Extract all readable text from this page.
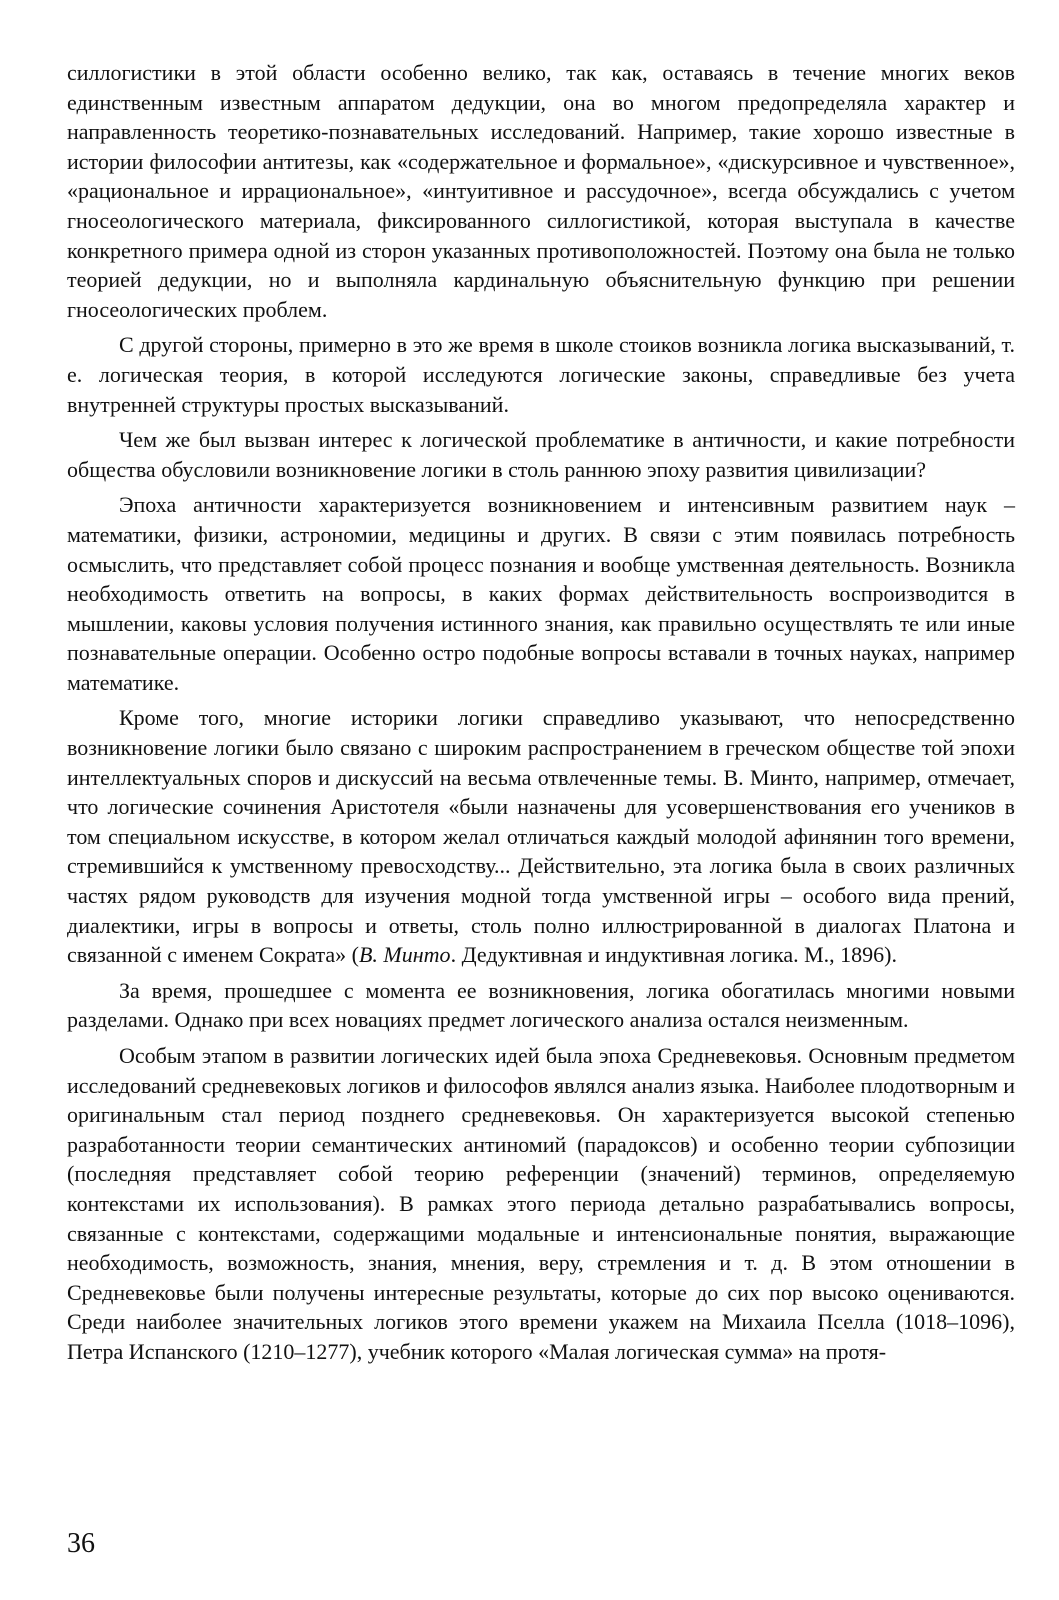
силлогистики в этой области особенно велико, так как, оставаясь в течение многих веков единственным известным аппаратом дедукции, она во многом предопределяла характер и направленность теоретико-познавательных исследований. Например, такие хорошо известные в истории философии антитезы, как «содержательное и формальное», «дискурсивное и чувственное», «рациональное и иррациональное», «интуитивное и рассудочное», всегда обсуждались с учетом гносеологического материала, фиксированного силлогистикой, которая выступала в качестве конкретного примера одной из сторон указанных противоположностей. Поэтому она была не только теорией дедукции, но и выполняла кардинальную объяснительную функцию при решении гносеологических проблем.

С другой стороны, примерно в это же время в школе стоиков возникла логика высказываний, т. е. логическая теория, в которой исследуются логические законы, справедливые без учета внутренней структуры простых высказываний.

Чем же был вызван интерес к логической проблематике в античности, и какие потребности общества обусловили возникновение логики в столь раннюю эпоху развития цивилизации?

Эпоха античности характеризуется возникновением и интенсивным развитием наук – математики, физики, астрономии, медицины и других. В связи с этим появилась потребность осмыслить, что представляет собой процесс познания и вообще умственная деятельность. Возникла необходимость ответить на вопросы, в каких формах действительность воспроизводится в мышлении, каковы условия получения истинного знания, как правильно осуществлять те или иные познавательные операции. Особенно остро подобные вопросы вставали в точных науках, например математике.

Кроме того, многие историки логики справедливо указывают, что непосредственно возникновение логики было связано с широким распространением в греческом обществе той эпохи интеллектуальных споров и дискуссий на весьма отвлеченные темы. В. Минто, например, отмечает, что логические сочинения Аристотеля «были назначены для усовершенствования его учеников в том специальном искусстве, в котором желал отличаться каждый молодой афинянин того времени, стремившийся к умственному превосходству... Действительно, эта логика была в своих различных частях рядом руководств для изучения модной тогда умственной игры – особого вида прений, диалектики, игры в вопросы и ответы, столь полно иллюстрированной в диалогах Платона и связанной с именем Сократа» (В. Минто. Дедуктивная и индуктивная логика. М., 1896).

За время, прошедшее с момента ее возникновения, логика обогатилась многими новыми разделами. Однако при всех новациях предмет логического анализа остался неизменным.

Особым этапом в развитии логических идей была эпоха Средневековья. Основным предметом исследований средневековых логиков и философов являлся анализ языка. Наиболее плодотворным и оригинальным стал период позднего средневековья. Он характеризуется высокой степенью разработанности теории семантических антиномий (парадоксов) и особенно теории субпозиции (последняя представляет собой теорию референции (значений) терминов, определяемую контекстами их использования). В рамках этого периода детально разрабатывались вопросы, связанные с контекстами, содержащими модальные и интенсиональные понятия, выражающие необходимость, возможность, знания, мнения, веру, стремления и т. д. В этом отношении в Средневековье были получены интересные результаты, которые до сих пор высоко оцениваются. Среди наиболее значительных логиков этого времени укажем на Михаила Пселла (1018–1096), Петра Испанского (1210–1277), учебник которого «Малая логическая сумма» на протя-

36
